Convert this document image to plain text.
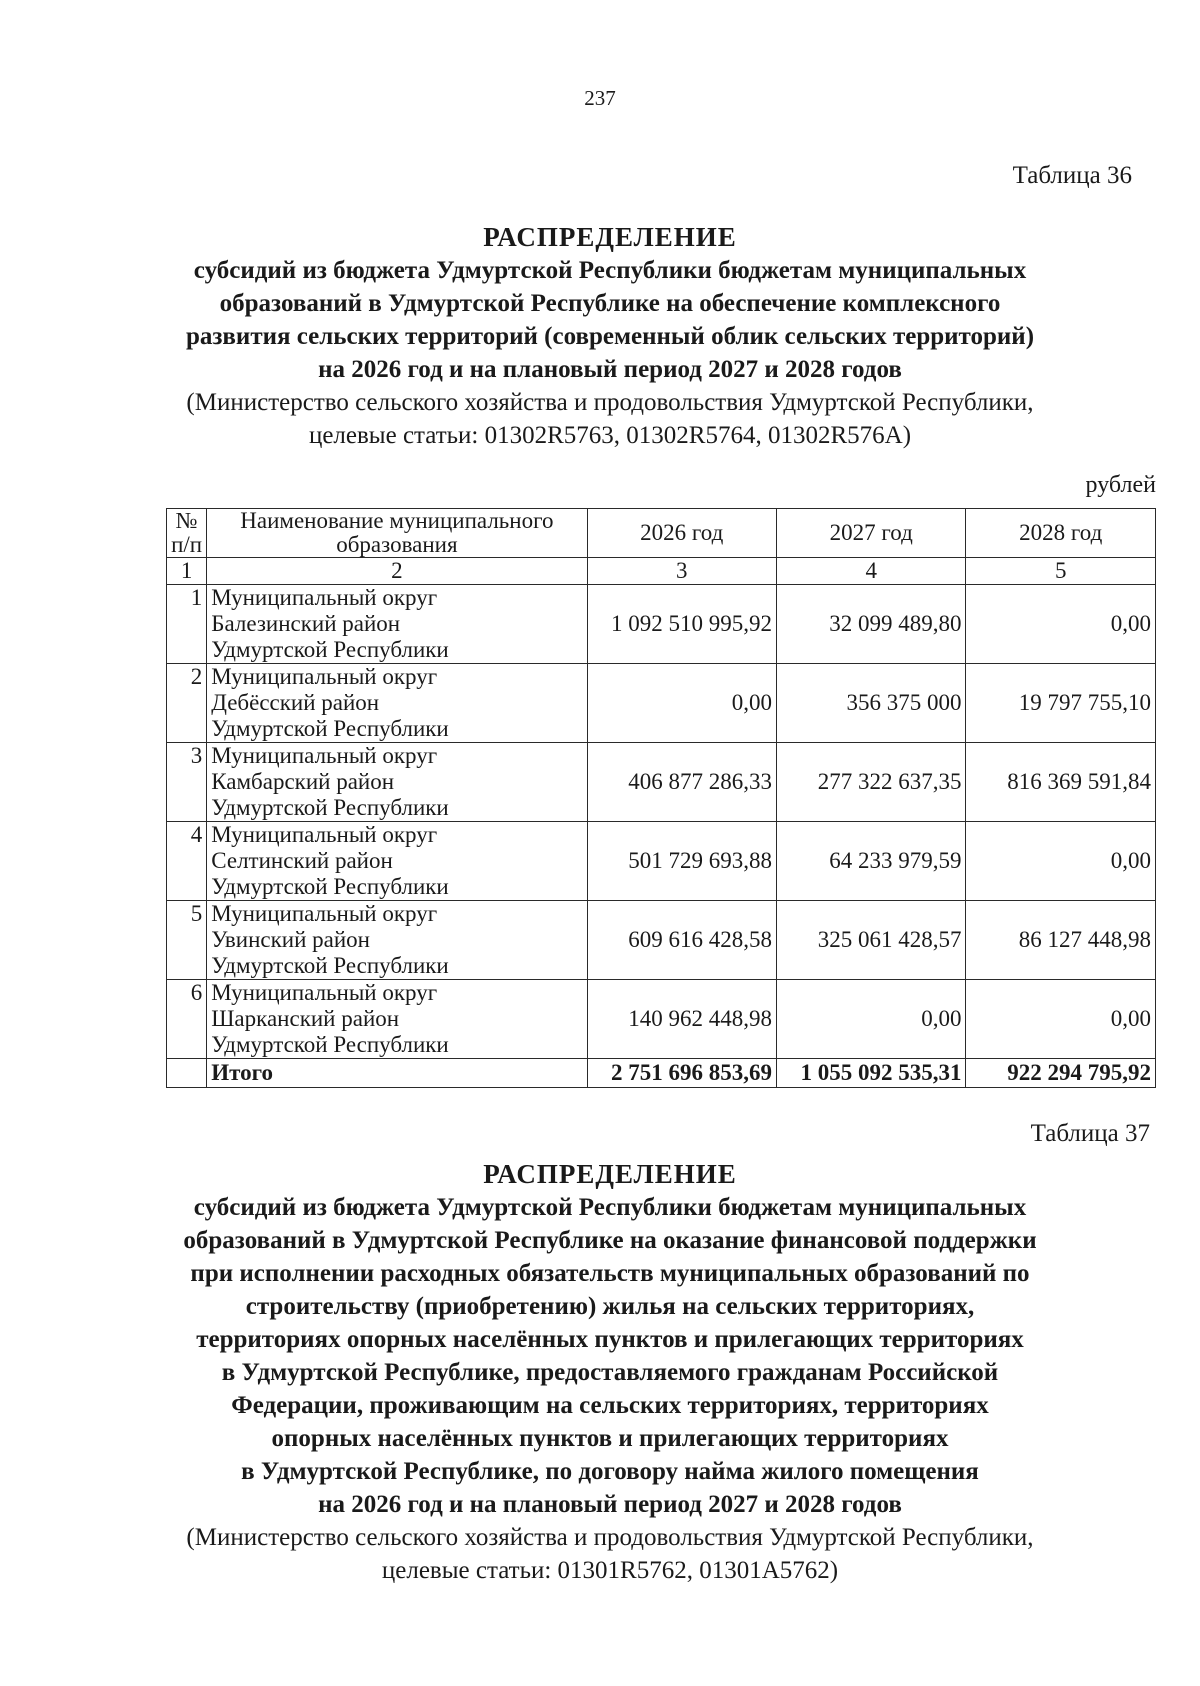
237
Таблица 36
РАСПРЕДЕЛЕНИЕ
субсидий из бюджета Удмуртской Республики бюджетам муниципальных
образований в Удмуртской Республике на обеспечение комплексного
развития сельских территорий (современный облик сельских территорий)
на 2026 год и на плановый период 2027 и 2028 годов
(Министерство сельского хозяйства и продовольствия Удмуртской Республики,
целевые статьи: 01302R5763, 01302R5764, 01302R576A)
рублей
№ п/п	Наименование муниципального образования	2026 год	2027 год	2028 год
1	2	3	4	5
1	Муниципальный округ
Балезинский район
Удмуртской Республики	1 092 510 995,92	32 099 489,80	0,00
2	Муниципальный округ
Дебёсский район
Удмуртской Республики	0,00	356 375 000	19 797 755,10
3	Муниципальный округ
Камбарский район
Удмуртской Республики	406 877 286,33	277 322 637,35	816 369 591,84
4	Муниципальный округ
Селтинский район
Удмуртской Республики	501 729 693,88	64 233 979,59	0,00
5	Муниципальный округ
Увинский район
Удмуртской Республики	609 616 428,58	325 061 428,57	86 127 448,98
6	Муниципальный округ
Шарканский район
Удмуртской Республики	140 962 448,98	0,00	0,00
	Итого	2 751 696 853,69	1 055 092 535,31	922 294 795,92
Таблица 37
РАСПРЕДЕЛЕНИЕ
субсидий из бюджета Удмуртской Республики бюджетам муниципальных
образований в Удмуртской Республике на оказание финансовой поддержки
при исполнении расходных обязательств муниципальных образований по
строительству (приобретению) жилья на сельских территориях,
территориях опорных населённых пунктов и прилегающих территориях
в Удмуртской Республике, предоставляемого гражданам Российской
Федерации, проживающим на сельских территориях, территориях
опорных населённых пунктов и прилегающих территориях
в Удмуртской Республике, по договору найма жилого помещения
на 2026 год и на плановый период 2027 и 2028 годов
(Министерство сельского хозяйства и продовольствия Удмуртской Республики,
целевые статьи: 01301R5762, 01301А5762)
